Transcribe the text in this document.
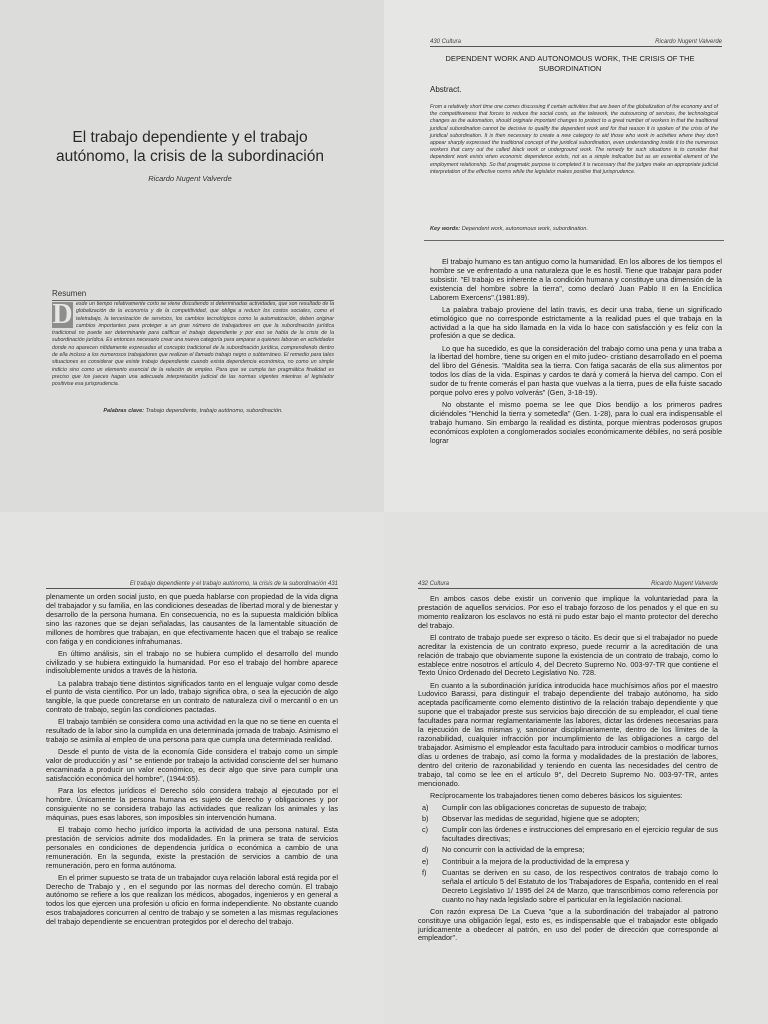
El trabajo dependiente y el trabajo autónomo, la crisis de la subordinación
Ricardo Nugent Valverde
Resumen
esde un tiempo relativamente corto se viene discutiendo si determinadas actividades, que son resultado de la globalización de la economía y de la competitividad, que obliga a reducir los costos sociales, como el teletrabajo, la tercerización de servicios, los cambios tecnológicos como la automatización, deben originar cambios importantes para proteger a un gran número de trabajadores en que la subordinación jurídica tradicional no puede ser determinante para calificar el trabajo dependiente y por eso se habla de la crisis de la subordinación jurídica. Es entonces necesario crear una nueva categoría para amparar a quienes laboran en actividades donde no aparecen nítidamente expresadas el concepto tradicional de la subordinación jurídica, comprendiendo dentro de ella incluso a los numerosos trabajadores que realizan el llamado trabajo negro o subterráneo. El remedio para tales situaciones es considerar que existe trabajo dependiente cuando exista dependencia económica, no como un simple indicio sino como un elemento esencial de la relación de empleo. Para que se cumpla tan pragmática finalidad es preciso que los jueces hagan una adecuada interpretación judicial de las normas vigentes mientras el legislador positivise esa jurisprudencia.
D
Palabras clave: Trabajo dependiente, trabajo autónomo, subordinación.
430 Cultura	Ricardo Nugent Valverde
DEPENDENT WORK AND AUTONOMOUS WORK, THE CRISIS OF THE SUBORDINATION
Abstract.
From a relatively short time one comes discussing if certain activities that are been of the globalization of the economy and of the competitiveness that forces to reduce the social costs, as the telework, the outsourcing of services, the technological changes as the automation, should originate important changes to protect to a great number of workers in that the traditional juridical subordination cannot be decisive to qualify the dependent work and for that reason it is spoken of the crisis of the juridical subordination. It is then necessary to create a new category to aid those who work in activities where they don't appear sharply expressed the traditional concept of the juridical subordination, even understanding inside it to the numerous workers that carry out the called black work or underground work. The remedy for such situations is to consider that dependent work exists when economic dependence exists, not as a simple indication but as an essential element of the employment relationship. So that pragmatic purpose is completed it is necessary that the judges make an appropriate judicial interpretation of the effective norms while the legislator makes positive that jurisprudence.
Key words: Dependent work, autonomous work, subordination.

El trabajo humano es tan antiguo como la humanidad. En los albores de los tiempos el hombre se ve enfrentado a una naturaleza que le es hostil. Tiene que trabajar para poder subsistir. "El trabajo es inherente a la condición humana y constituye una dimensión de la existencia del hombre sobre la tierra", como declaró Juan Pablo II en la Encíclica Laborem Exercens".(1981:89).

La palabra trabajo proviene del latín travis, es decir una traba, tiene un significado etimológico que no corresponde estrictamente a la realidad pues el que trabaja en la actividad a la que ha sido llamada en la vida lo hace con satisfacción y es feliz con la profesión a que se dedica.

Lo que ha sucedido, es que la consideración del trabajo como una pena y una traba a la libertad del hombre, tiene su origen en el mito judeo- cristiano desarrollado en el poema del libro del Génesis. "Maldita sea la tierra. Con fatiga sacarás de ella sus alimentos por todos los días de la vida. Espinas y cardos te dará y comerá la hierva del campo. Con el sudor de tu frente comerás el pan hasta que vuelvas a la tierra, pues de ella fuiste sacado porque polvo eres y polvo volverás" (Gen, 3-18-19).

No obstante el mismo poema se lee que Dios bendijo a los primeros padres diciéndoles "Henchid la tierra y sometedla" (Gen. 1-28), para lo cual era indispensable el trabajo humano. Sin embargo la realidad es distinta, porque mientras poderosos grupos económicos exploten a conglomerados sociales económicamente débiles, no será posible lograr

El trabajo dependiente y el trabajo autónomo, la crisis de la subordinación 431

plenamente un orden social justo, en que pueda hablarse con propiedad de la vida digna del trabajador y su familia, en las condiciones deseadas de libertad moral y de bienestar y desarrollo de la persona humana. En consecuencia, no es la supuesta maldición bíblica sino las razones que se dejan señaladas, las causantes de la lamentable situación de millones de hombres que trabajan, en que efectivamente hacen que el trabajo se realice con fatiga y en condiciones infrahumanas.

En último análisis, sin el trabajo no se hubiera cumplido el desarrollo del mundo civilizado y se hubiera extinguido la humanidad. Por eso el trabajo del hombre aparece indisolublemente unidos a través de la historia.

La palabra trabajo tiene distintos significados tanto en el lenguaje vulgar como desde el punto de vista científico. Por un lado, trabajo significa obra, o sea la ejecución de algo tangible, la que puede concretarse en un contrato de naturaleza civil o mercantil o en un contrato de trabajo, según las condiciones pactadas.

El trabajo también se considera como una actividad en la que no se tiene en cuenta el resultado de la labor sino la cumplida en una determinada jornada de trabajo. Asimismo el trabajo se asimila al empleo de una persona para que cumpla una determinada realidad.

Desde el punto de vista de la economía Gide considera el trabajo como un simple valor de producción y así " se entiende por trabajo la actividad consciente del ser humano encaminada a producir un valor económico, es decir algo que sirve para cumplir una satisfacción económica del hombre", (1944:65).

Para los efectos jurídicos el Derecho sólo considera trabajo al ejecutado por el hombre. Únicamente la persona humana es sujeto de derecho y obligaciones y por consiguiente no se considera trabajo las actividades que realizan los animales y las máquinas, pues esas labores, son imposibles sin intervención humana.

El trabajo como hecho jurídico importa la actividad de una persona natural. Esta prestación de servicios admite dos modalidades. En la primera se trata de servicios personales en condiciones de dependencia jurídica o económica a cambio de una remuneración. En la segunda, existe la prestación de servicios a cambio de una remuneración, pero en forma autónoma.

En el primer supuesto se trata de un trabajador cuya relación laboral está regida por el Derecho de Trabajo y , en el segundo por las normas del derecho común. El trabajo autónomo se refiere a los que realizan los médicos, abogados, ingenieros y en general a todos los que ejercen una profesión u oficio en forma independiente. No obstante cuando esos trabajadores concurren al centro de trabajo y se someten a las mismas regulaciones del trabajo dependiente se encuentran protegidos por el derecho del trabajo.

432 Cultura	Ricardo Nugent Valverde

En ambos casos debe existir un convenio que implique la voluntariedad para la prestación de aquellos servicios. Por eso el trabajo forzoso de los penados y el que en su momento realizaron los esclavos no está ni pudo estar bajo el manto protector del derecho del trabajo.

El contrato de trabajo puede ser expreso o tácito. Es decir que si el trabajador no puede acreditar la existencia de un contrato expreso, puede recurrir a la acreditación de una relación de trabajo que obviamente supone la existencia de un contrato de trabajo, como lo establece entre nosotros el artículo 4, del Decreto Supremo No. 003-97-TR que contiene el Texto Único Ordenado del Decreto Legislativo No. 728.

En cuanto a la subordinación jurídica introducida hace muchísimos años por el maestro Ludovico Barassi, para distinguir el trabajo dependiente del trabajo autónomo, ha sido aceptada pacíficamente como elemento distintivo de la relación trabajo dependiente y que supone que el trabajador preste sus servicios bajo dirección de su empleador, el cual tiene facultades para normar reglamentariamente las labores, dictar las órdenes necesarias para la ejecución de las mismas y, sancionar disciplinariamente, dentro de los límites de la razonabilidad, cualquier infracción por incumplimiento de las obligaciones a cargo del trabajador. Asimismo el empleador esta facultado para introducir cambios o modificar turnos días u ordenes de trabajo, así como la forma y modalidades de la prestación de labores, dentro del criterio de razonabilidad y teniendo en cuenta las necesidades del centro de trabajo, tal como se lee en el artículo 9°, del Decreto Supremo No. 003-97-TR, antes mencionado.

Recíprocamente los trabajadores tienen como deberes básicos los siguientes:

a) Cumplir con las obligaciones concretas de supuesto de trabajo;
b) Observar las medidas de seguridad, higiene que se adopten;
c) Cumplir con las órdenes e instrucciones del empresario en el ejercicio regular de sus facultades directivas;
d) No concurrir con la actividad de la empresa;
e) Contribuir a la mejora de la productividad de la empresa y
f) Cuantas se deriven en su caso, de los respectivos contratos de trabajo como lo señala el artículo 5 del Estatuto de los Trabajadores de España, contenido en el real Decreto Legislativo 1/ 1995 del 24 de Marzo, que transcribimos como referencia por cuanto no hay nada legislado sobre el particular en la legislación nacional.

Con razón expresa De La Cueva "que a la subordinación del trabajador al patrono constituye una obligación legal, esto es, es indispensable que el trabajador este obligado jurídicamente a obedecer al patrón, en uso del poder de dirección que corresponde al empleador".
